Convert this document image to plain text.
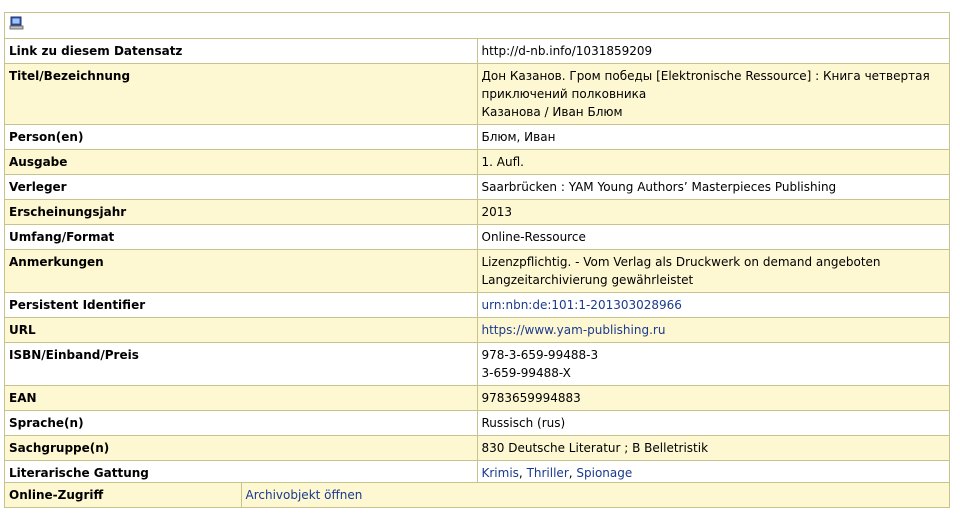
Link zu diesem Datensatz	http://d-nb.info/1031859209
Titel/Bezeichnung	Дон Казанов. Гром победы [Elektronische Ressource] : Книга четвертая приключений полковника
Казанова / Иван Блюм

Person(en)	Блюм, Иван
Ausgabe	1. Aufl.
Verleger	Saarbrücken : YAM Young Authors’ Masterpieces Publishing
Erscheinungsjahr	2013
Umfang/Format	Online-Ressource
Anmerkungen	Lizenzpflichtig. - Vom Verlag als Druckwerk on demand angeboten
Langzeitarchivierung gewährleistet

Persistent Identifier	urn:nbn:de:101:1-201303028966
URL	https://www.yam-publishing.ru
ISBN/Einband/Preis	978-3-659-99488-3
3-659-99488-X

EAN	9783659994883
Sprache(n)	Russisch (rus)
Sachgruppe(n)	830 Deutsche Literatur ; B Belletristik
Literarische Gattung	Krimis, Thriller, Spionage
Online-Zugriff	Archivobjekt öffnen
